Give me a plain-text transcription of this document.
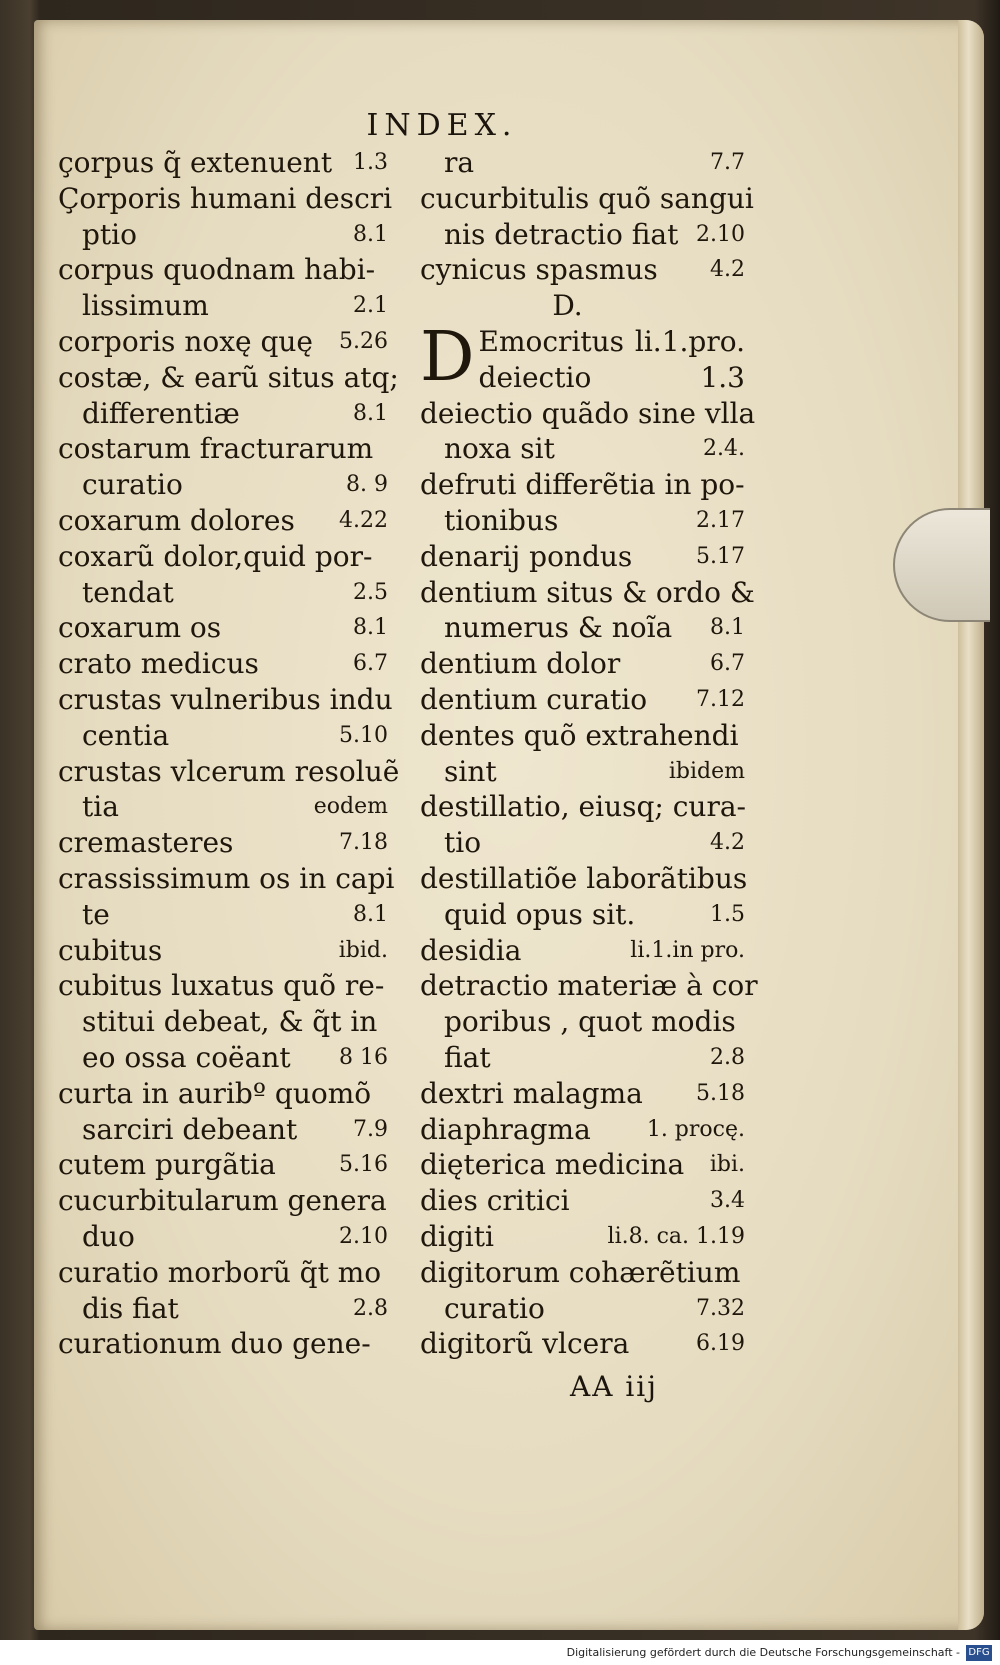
INDEX.
çorpus q̃ extenuent 1.3
Çorporis humani descri
ptio	8.1
corpus quodnam habi-
lissimum	2.1
corporis noxę quę 5.26
costæ, & earũ situs atq;
differentiæ	8.1
costarum fracturarum
curatio	8. 9
coxarum dolores 4.22
coxarũ dolor,quid por-
tendat	2.5
coxarum os	8.1
crato medicus	6.7
crustas vulneribus indu
centia	5.10
crustas vlcerum resoluẽ
tia	eodem
cremasteres	7.18
crassissimum os in capi
te	8.1
cubitus	ibid.
cubitus luxatus quõ re-
stitui debeat, & q̃t in
eo ossa coëant 8 16
curta in auribº quomõ
sarciri debeant	7.9
cutem purgãtia	5.16
cucurbitularum genera
duo	2.10
curatio morborũ q̃t mo
dis fiat	2.8
curationum duo gene-
ra	7.7
cucurbitulis quõ sangui
nis detractio fiat 2.10
cynicus spasmus 4.2
D.
D Emocritus li.1.pro.
deiectio	1.3
deiectio quãdo sine vlla
noxa sit	2.4.
defruti differẽtia in po-
tionibus	2.17
denarij pondus	5.17
dentium situs & ordo &
numerus & noĩa 8.1
dentium dolor	6.7
dentium curatio 7.12
dentes quõ extrahendi
sint	ibidem
destillatio, eiusq; cura-
tio	4.2
destillatiõe laborãtibus
quid opus sit.	1.5
desidia	li.1.in pro.
detractio materiæ à cor
poribus , quot modis
fiat	2.8
dextri malagma 5.18
diaphragma	1. procę.
dięterica medicina ibi.
dies critici	3.4
digiti	li.8. ca. 1.19
digitorum cohærẽtium
curatio	7.32
digitorũ vlcera	6.19
AA iij
Digitalisierung gefördert durch die Deutsche Forschungsgemeinschaft - DFG
